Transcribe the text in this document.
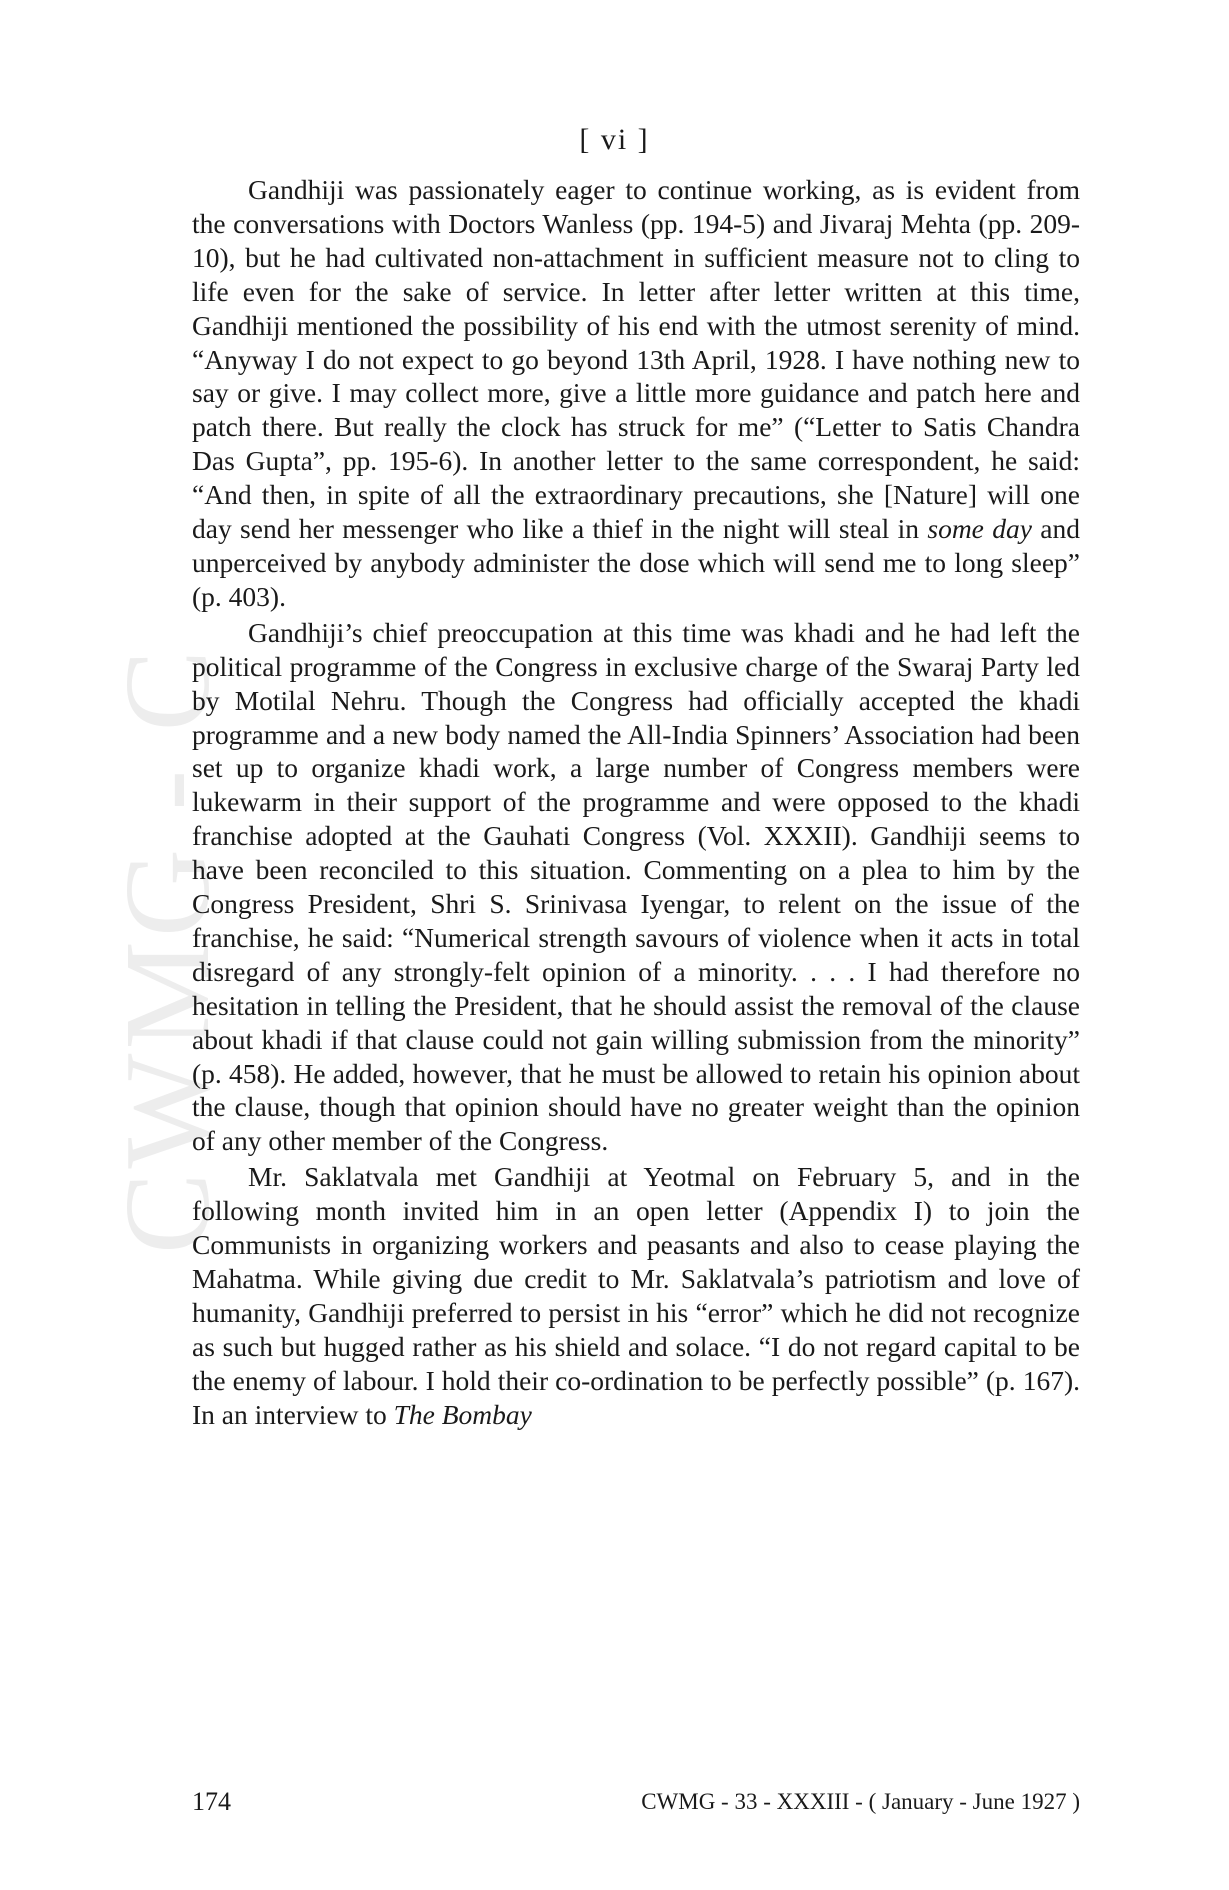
CWMG - C
[ vi ]

Gandhiji was passionately eager to continue working, as is evident from the conversations with Doctors Wanless (pp. 194-5) and Jivaraj Mehta (pp. 209-10), but he had cultivated non-attachment in sufficient measure not to cling to life even for the sake of service. In letter after letter written at this time, Gandhiji mentioned the possibility of his end with the utmost serenity of mind. “Anyway I do not expect to go beyond 13th April, 1928. I have nothing new to say or give. I may collect more, give a little more guidance and patch here and patch there. But really the clock has struck for me” (“Letter to Satis Chandra Das Gupta”, pp. 195-6). In another letter to the same correspondent, he said: “And then, in spite of all the extraordinary precautions, she [Nature] will one day send her messenger who like a thief in the night will steal in some day and unperceived by anybody administer the dose which will send me to long sleep” (p. 403).

Gandhiji’s chief preoccupation at this time was khadi and he had left the political programme of the Congress in exclusive charge of the Swaraj Party led by Motilal Nehru. Though the Congress had officially accepted the khadi programme and a new body named the All-India Spinners’ Association had been set up to organize khadi work, a large number of Congress members were lukewarm in their support of the programme and were opposed to the khadi franchise adopted at the Gauhati Congress (Vol. XXXII). Gandhiji seems to have been reconciled to this situation. Commenting on a plea to him by the Congress President, Shri S. Srinivasa Iyengar, to relent on the issue of the franchise, he said: “Numerical strength savours of violence when it acts in total disregard of any strongly-felt opinion of a minority. . . . I had therefore no hesitation in telling the President, that he should assist the removal of the clause about khadi if that clause could not gain willing submission from the minority” (p. 458). He added, however, that he must be allowed to retain his opinion about the clause, though that opinion should have no greater weight than the opinion of any other member of the Congress.

Mr. Saklatvala met Gandhiji at Yeotmal on February 5, and in the following month invited him in an open letter (Appendix I) to join the Communists in organizing workers and peasants and also to cease playing the Mahatma. While giving due credit to Mr. Saklatvala’s patriotism and love of humanity, Gandhiji preferred to persist in his “error” which he did not recognize as such but hugged rather as his shield and solace. “I do not regard capital to be the enemy of labour. I hold their co-ordination to be perfectly possible” (p. 167). In an interview to The Bombay

174	CWMG - 33 - XXXIII - ( January - June 1927 )
